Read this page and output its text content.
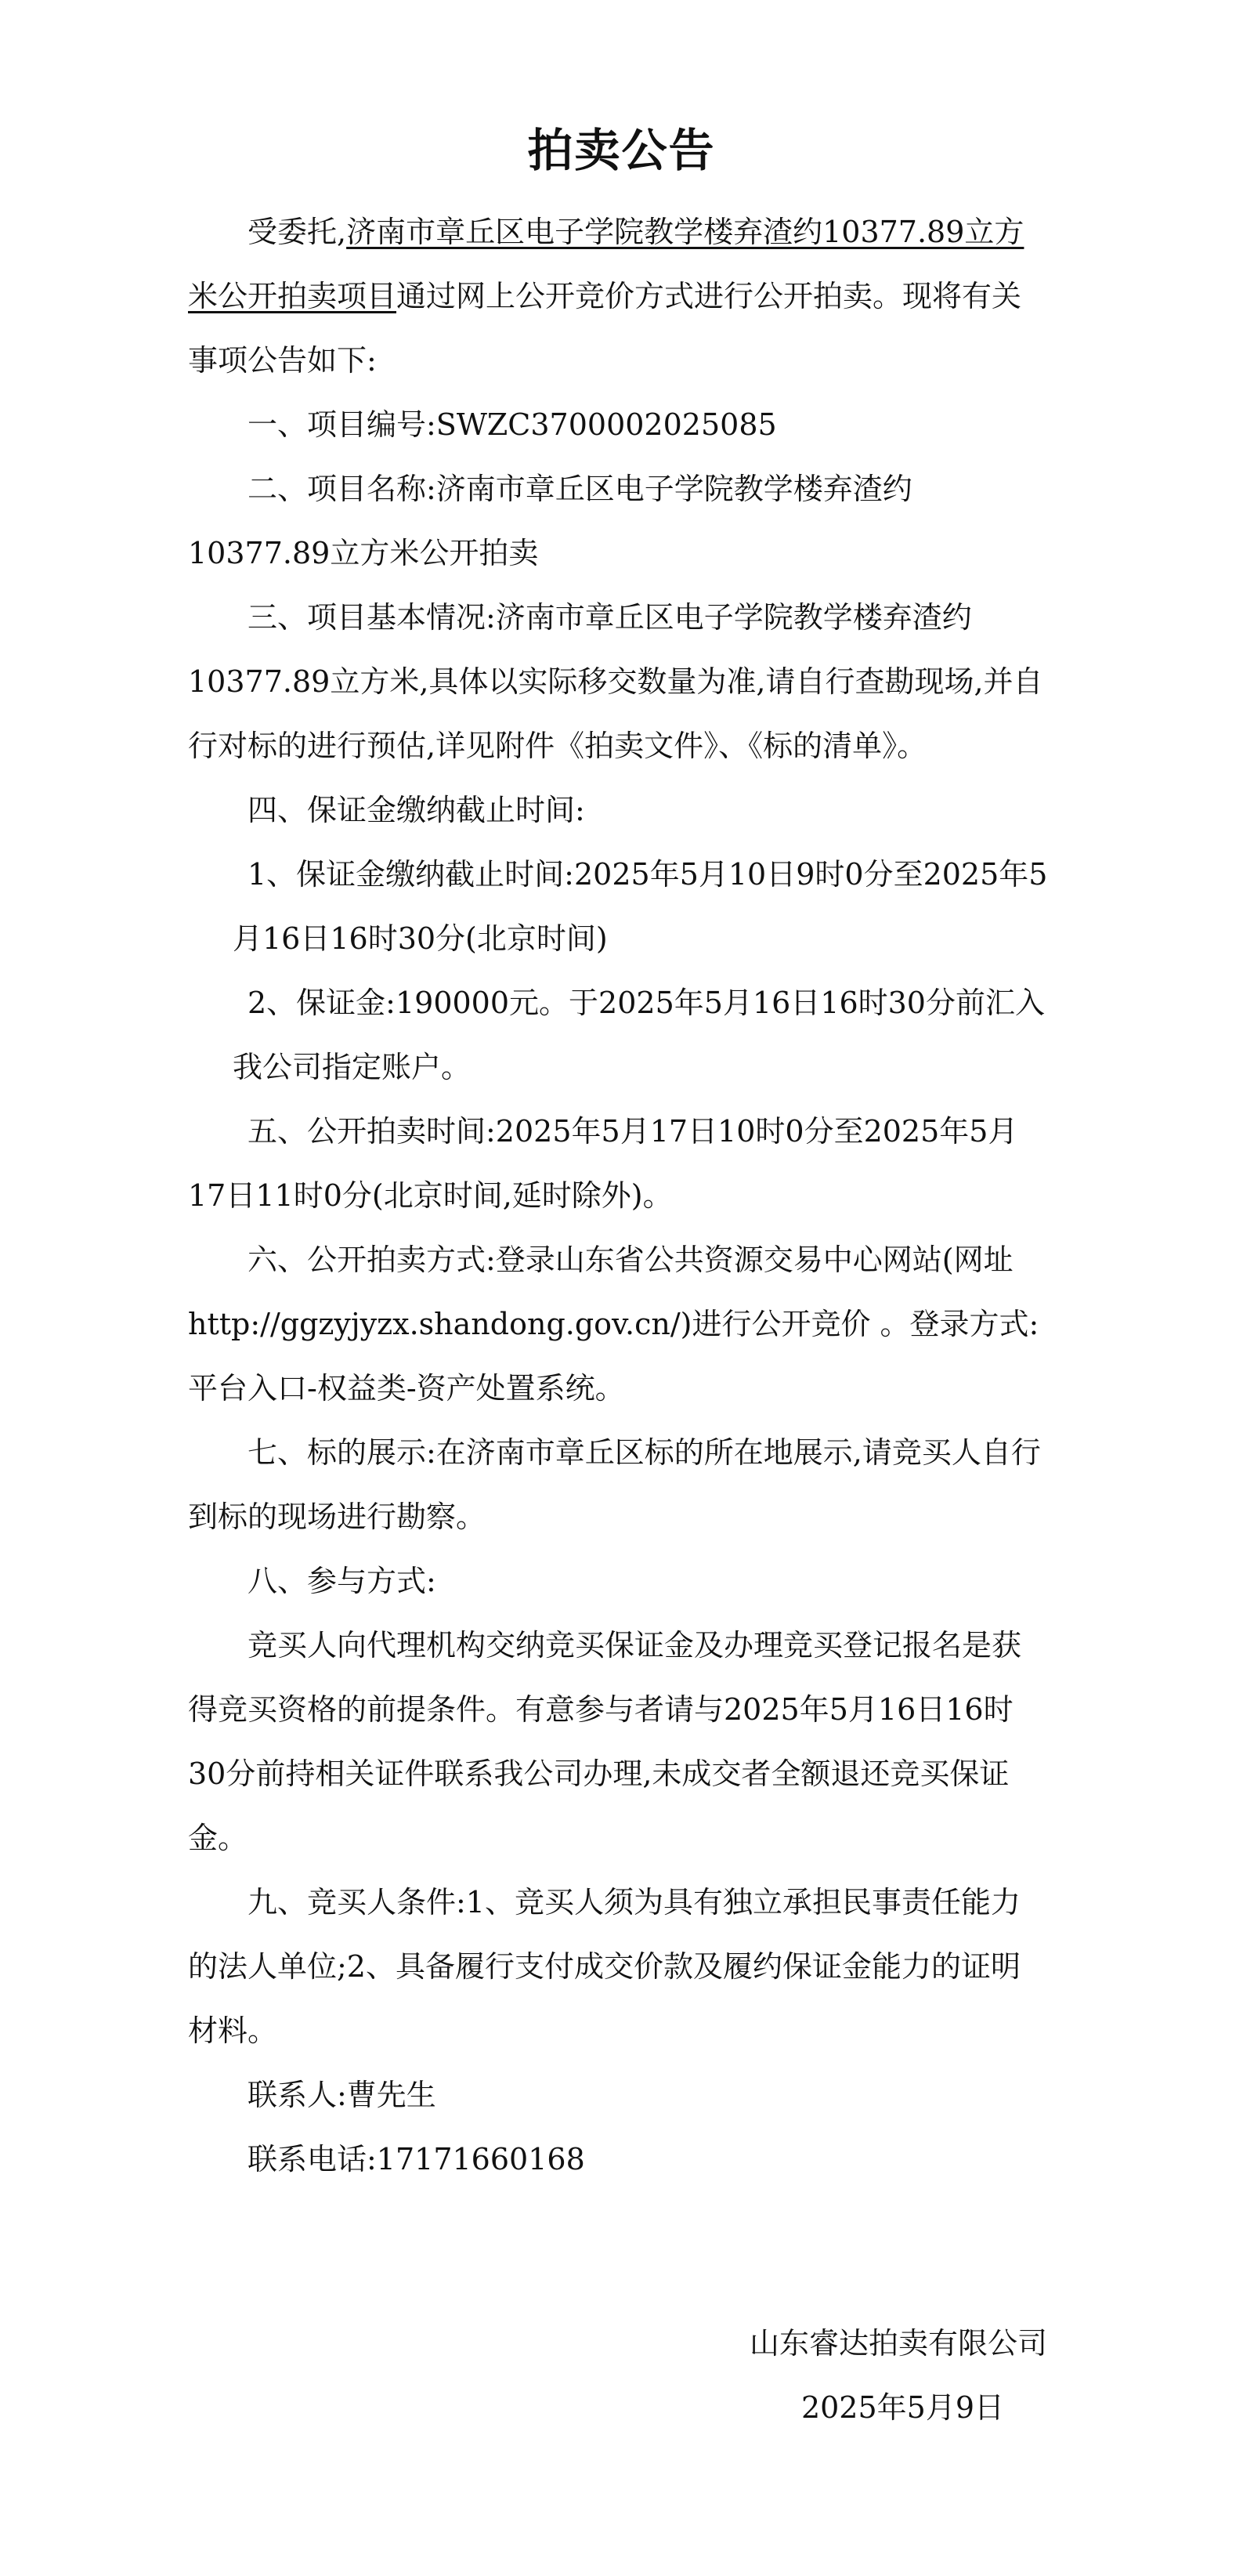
拍卖公告

受委托,济南市章丘区电子学院教学楼弃渣约10377.89立方米公开拍卖项目通过网上公开竞价方式进行公开拍卖。现将有关事项公告如下:

一、项目编号:SWZC3700002025085

二、项目名称:济南市章丘区电子学院教学楼弃渣约10377.89立方米公开拍卖

三、项目基本情况:济南市章丘区电子学院教学楼弃渣约10377.89立方米,具体以实际移交数量为准,请自行查勘现场,并自行对标的进行预估,详见附件《拍卖文件》、《标的清单》。

四、保证金缴纳截止时间:

1、保证金缴纳截止时间:2025年5月10日9时0分至2025年5月16日16时30分(北京时间)

2、保证金:190000元。于2025年5月16日16时30分前汇入我公司指定账户。

五、公开拍卖时间:2025年5月17日10时0分至2025年5月17日11时0分(北京时间,延时除外)。

六、公开拍卖方式:登录山东省公共资源交易中心网站(网址http://ggzyjyzx.shandong.gov.cn/)进行公开竞价 。登录方式:平台入口-权益类-资产处置系统。

七、标的展示:在济南市章丘区标的所在地展示,请竞买人自行到标的现场进行勘察。

八、参与方式:

竞买人向代理机构交纳竞买保证金及办理竞买登记报名是获得竞买资格的前提条件。有意参与者请与2025年5月16日16时30分前持相关证件联系我公司办理,未成交者全额退还竞买保证金。

九、竞买人条件:1、竞买人须为具有独立承担民事责任能力的法人单位;2、具备履行支付成交价款及履约保证金能力的证明材料。

联系人:曹先生

联系电话:17171660168

山东睿达拍卖有限公司
2025年5月9日
